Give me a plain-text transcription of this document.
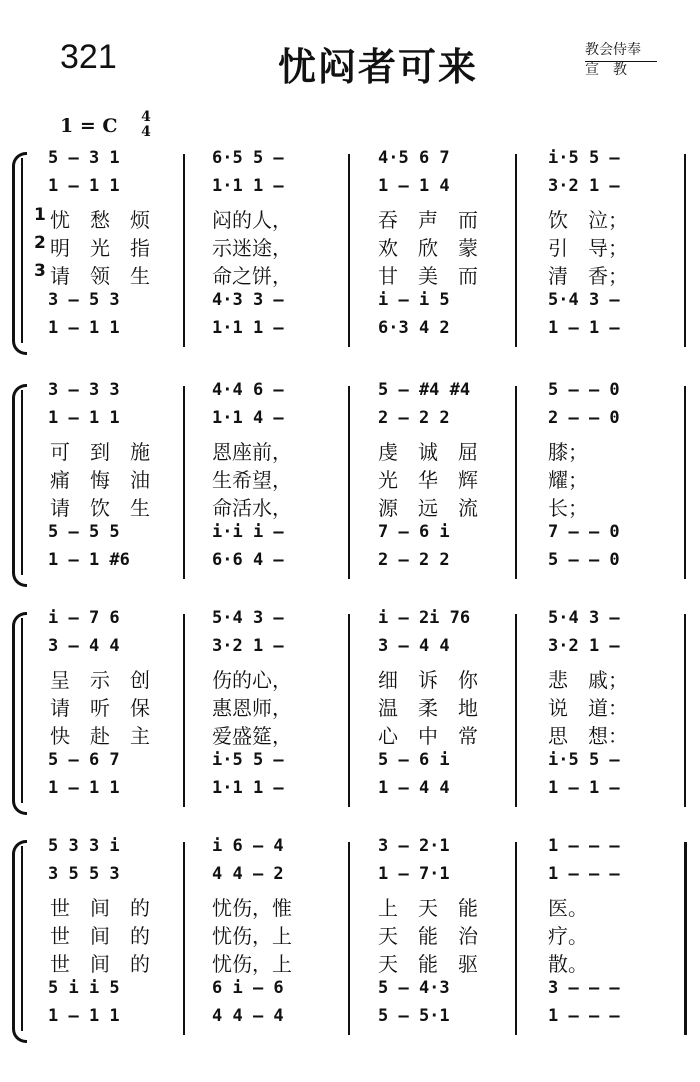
321	忧闷者可来	教会侍奉
宣　教
1 = C 4
4
5 — 3 1	6·5 5 —	4·5 6 7	i·5 5 —
1 — 1 1	1·1 1 —	1 — 1 4	3·2 1 —
1 忧　愁　烦	闷的人，	吞　声　而	饮　泣；
2 明　光　指	示迷途，	欢　欣　蒙	引　导；
3 请　领　生	命之饼，	甘　美　而	清　香；
3 — 5 3	4·3 3 —	i — i 5	5·4 3 —
1 — 1 1	1·1 1 —	6·3 4 2	1 — 1 —
3 — 3 3	4·4 6 —	5 — #4 #4	5 — — 0
1 — 1 1	1·1 4 —	2 — 2 2	2 — — 0
可　到　施	恩座前，	虔　诚　屈	膝；
痛　悔　油	生希望，	光　华　辉	耀；
请　饮　生	命活水，	源　远　流	长；
5 — 5 5	i·i i —	7 — 6 i	7 — — 0
1 — 1 #6	6·6 4 —	2 — 2 2	5 — — 0
i — 7 6	5·4 3 —	i — 2i 76	5·4 3 —
3 — 4 4	3·2 1 —	3 — 4 4	3·2 1 —
呈　示　创	伤的心，	细　诉　你	悲　戚；
请　听　保	惠恩师，	温　柔　地	说　道：
快　赴　主	爱盛筵，	心　中　常	思　想：
5 — 6 7	i·5 5 —	5 — 6 i	i·5 5 —
1 — 1 1	1·1 1 —	1 — 4 4	1 — 1 —
5 3 3 i	i 6 — 4	3 — 2·1	1 — — —
3 5 5 3	4 4 — 2	1 — 7·1	1 — — —
世　间　的	忧伤，惟	上　天　能	医。
世　间　的	忧伤，上	天　能　治	疗。
世　间　的	忧伤，上	天　能　驱	散。
5 i i 5	6 i — 6	5 — 4·3	3 — — —
1 — 1 1	4 4 — 4	5 — 5·1	1 — — —
